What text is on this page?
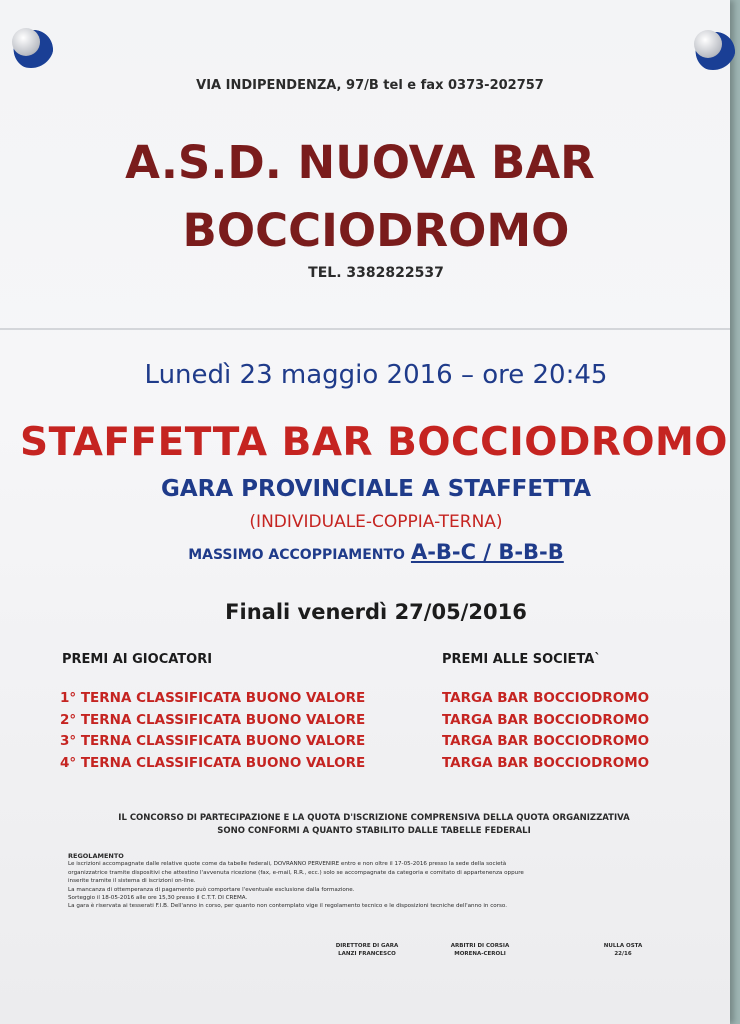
VIA INDIPENDENZA, 97/B tel e fax 0373-202757
A.S.D. NUOVA BAR
BOCCIODROMO
TEL. 3382822537
Lunedì 23 maggio 2016 – ore 20:45
STAFFETTA BAR BOCCIODROMO
GARA PROVINCIALE A STAFFETTA
(INDIVIDUALE-COPPIA-TERNA)
MASSIMO ACCOPPIAMENTO A-B-C / B-B-B
Finali venerdì 27/05/2016
PREMI AI GIOCATORI	PREMI ALLE SOCIETA`
1° TERNA CLASSIFICATA BUONO VALORE
2° TERNA CLASSIFICATA BUONO VALORE
3° TERNA CLASSIFICATA BUONO VALORE
4° TERNA CLASSIFICATA BUONO VALORE
TARGA BAR BOCCIODROMO
TARGA BAR BOCCIODROMO
TARGA BAR BOCCIODROMO
TARGA BAR BOCCIODROMO
IL CONCORSO DI PARTECIPAZIONE E LA QUOTA D'ISCRIZIONE COMPRENSIVA DELLA QUOTA ORGANIZZATIVA
SONO CONFORMI A QUANTO STABILITO DALLE TABELLE FEDERALI
REGOLAMENTO
Le iscrizioni accompagnate dalle relative quote come da tabelle federali, DOVRANNO PERVENIRE entro e non oltre il 17-05-2016 presso la sede della società
organizzatrice tramite dispositivi che attestino l'avvenuta ricezione (fax, e-mail, R.R., ecc.) solo se accompagnate da categoria e comitato di appartenenza oppure
inserite tramite il sistema di iscrizioni on-line.
La mancanza di ottemperanza di pagamento può comportare l'eventuale esclusione dalla formazione.
Sorteggio il 18-05-2016 alle ore 15,30 presso il C.T.T. DI CREMA.
La gara è riservata ai tesserati F.I.B. Dell'anno in corso, per quanto non contemplato vige il regolamento tecnico e le disposizioni tecniche dell'anno in corso.
DIRETTORE DI GARA
LANZI FRANCESCO
ARBITRI DI CORSIA
MORENA-CEROLI
NULLA OSTA
22/16
